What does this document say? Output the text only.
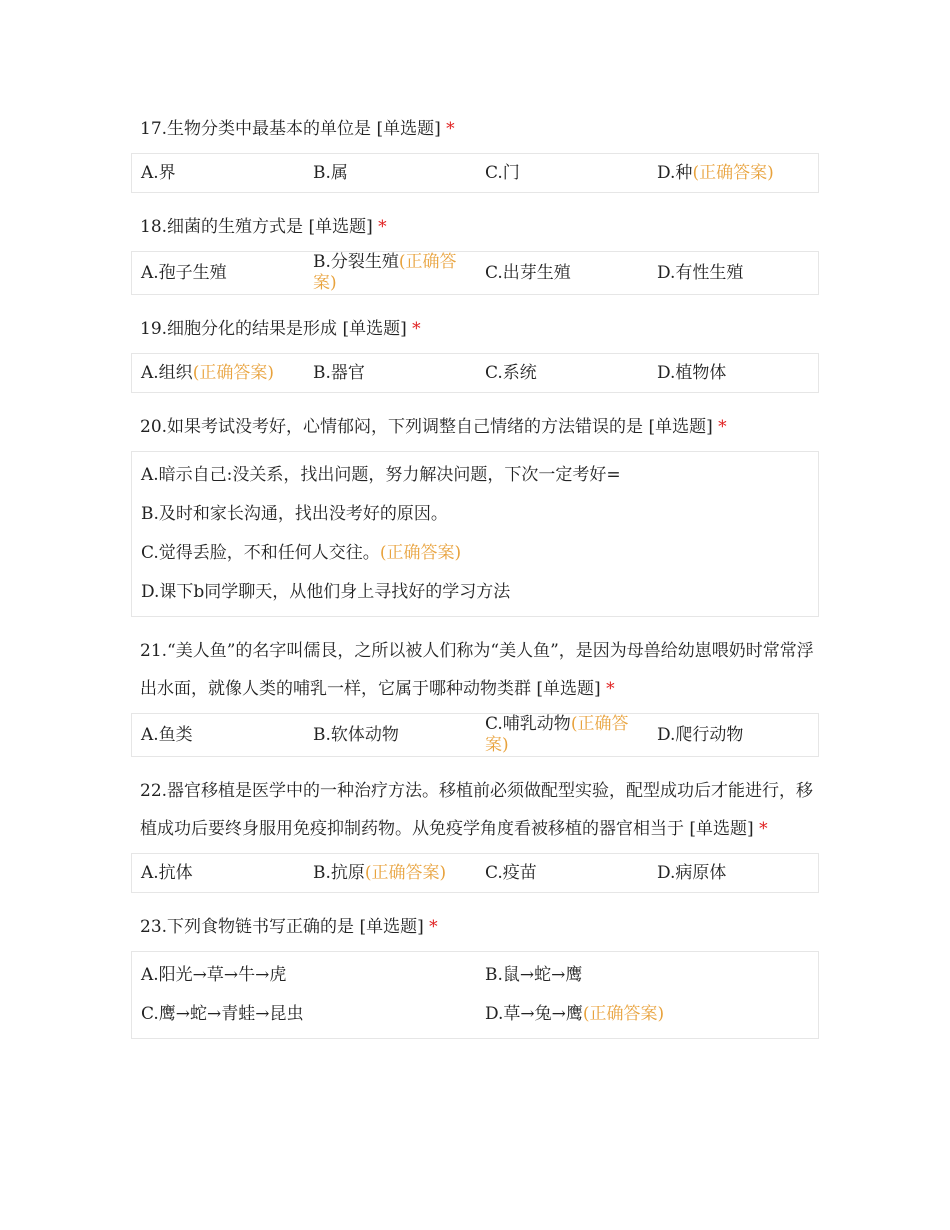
17.生物分类中最基本的单位是 [单选题] *
A.界	B.属	C.门	D.种(正确答案)
18.细菌的生殖方式是 [单选题] *
A.孢子生殖
B.分裂生殖(正确答案)
C.出芽生殖	D.有性生殖
19.细胞分化的结果是形成 [单选题] *
A.组织(正确答案) B.器官	C.系统	D.植物体
20.如果考试没考好，心情郁闷，下列调整自己情绪的方法错误的是 [单选题] *
A.暗示自己:没关系，找出问题，努力解决问题，下次一定考好=
B.及时和家长沟通，找出没考好的原因。
C.觉得丢脸，不和任何人交往。(正确答案)
D.课下b同学聊天，从他们身上寻找好的学习方法
21.“美人鱼”的名字叫儒艮，之所以被人们称为“美人鱼”，是因为母兽给幼崽喂奶时常常浮出水面，就像人类的哺乳一样，它属于哪种动物类群 [单选题] *
A.鱼类	B.软体动物
C.哺乳动物(正确答案)
D.爬行动物
22.器官移植是医学中的一种治疗方法。移植前必须做配型实验，配型成功后才能进行，移植成功后要终身服用免疫抑制药物。从免疫学角度看被移植的器官相当于 [单选题] *
A.抗体	B.抗原(正确答案) C.疫苗	D.病原体
23.下列食物链书写正确的是 [单选题] *
A.阳光→草→牛→虎	B.鼠→蛇→鹰
C.鹰→蛇→青蛙→昆虫	D.草→兔→鹰(正确答案)
